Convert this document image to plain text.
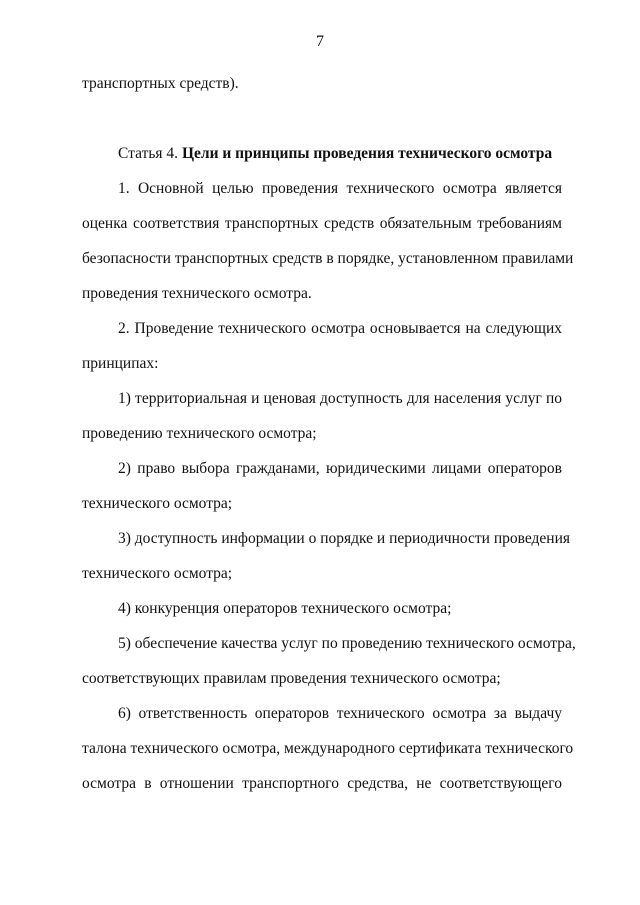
7
транспортных средств).
Статья 4. Цели и принципы проведения технического осмотра
1. Основной целью проведения технического осмотра является
оценка соответствия транспортных средств обязательным требованиям
безопасности транспортных средств в порядке, установленном правилами
проведения технического осмотра.
2. Проведение технического осмотра основывается на следующих
принципах:
1) территориальная и ценовая доступность для населения услуг по
проведению технического осмотра;
2) право выбора гражданами, юридическими лицами операторов
технического осмотра;
3) доступность информации о порядке и периодичности проведения
технического осмотра;
4) конкуренция операторов технического осмотра;
5) обеспечение качества услуг по проведению технического осмотра,
соответствующих правилам проведения технического осмотра;
6) ответственность операторов технического осмотра за выдачу
талона технического осмотра, международного сертификата технического
осмотра в отношении транспортного средства, не соответствующего
